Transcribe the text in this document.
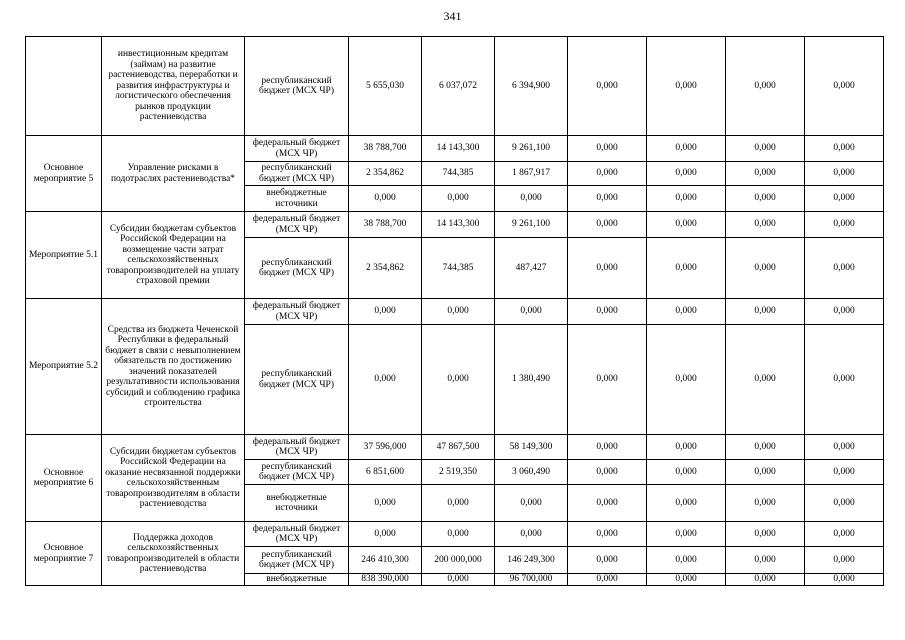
341
	инвестиционным кредитам (займам) на развитие растениеводства, переработки и развития инфраструктуры и логистического обеспечения рынков продукции растениеводства	республиканский бюджет (МСХ ЧР)	5 655,030	6 037,072	6 394,900	0,000	0,000	0,000	0,000
Основное мероприятие 5	Управление рисками в подотраслях растениеводства*	федеральный бюджет (МСХ ЧР)	38 788,700	14 143,300	9 261,100	0,000	0,000	0,000	0,000
		республиканский бюджет (МСХ ЧР)	2 354,862	744,385	1 867,917	0,000	0,000	0,000	0,000
		внебюджетные источники	0,000	0,000	0,000	0,000	0,000	0,000	0,000
Мероприятие 5.1	Субсидии бюджетам субъектов Российской Федерации на возмещение части затрат сельскохозяйственных товаропроизводителей на уплату страховой премии	федеральный бюджет (МСХ ЧР)	38 788,700	14 143,300	9 261,100	0,000	0,000	0,000	0,000
		республиканский бюджет (МСХ ЧР)	2 354,862	744,385	487,427	0,000	0,000	0,000	0,000
Мероприятие 5.2	Средства из бюджета Чеченской Республики в федеральный бюджет в связи с невыполнением обязательств по достижению значений показателей результативности использования субсидий и соблюдению графика строительства	федеральный бюджет (МСХ ЧР)	0,000	0,000	0,000	0,000	0,000	0,000	0,000
		республиканский бюджет (МСХ ЧР)	0,000	0,000	1 380,490	0,000	0,000	0,000	0,000
Основное мероприятие 6	Субсидии бюджетам субъектов Российской Федерации на оказание несвязанной поддержки сельскохозяйственным товаропроизводителям в области растениеводства	федеральный бюджет (МСХ ЧР)	37 596,000	47 867,500	58 149,300	0,000	0,000	0,000	0,000
		республиканский бюджет (МСХ ЧР)	6 851,600	2 519,350	3 060,490	0,000	0,000	0,000	0,000
		внебюджетные источники	0,000	0,000	0,000	0,000	0,000	0,000	0,000
Основное мероприятие 7	Поддержка доходов сельскохозяйственных товаропроизводителей в области растениеводства	федеральный бюджет (МСХ ЧР)	0,000	0,000	0,000	0,000	0,000	0,000	0,000
		республиканский бюджет (МСХ ЧР)	246 410,300	200 000,000	146 249,300	0,000	0,000	0,000	0,000
		внебюджетные	838 390,000	0,000	96 700,000	0,000	0,000	0,000	0,000
